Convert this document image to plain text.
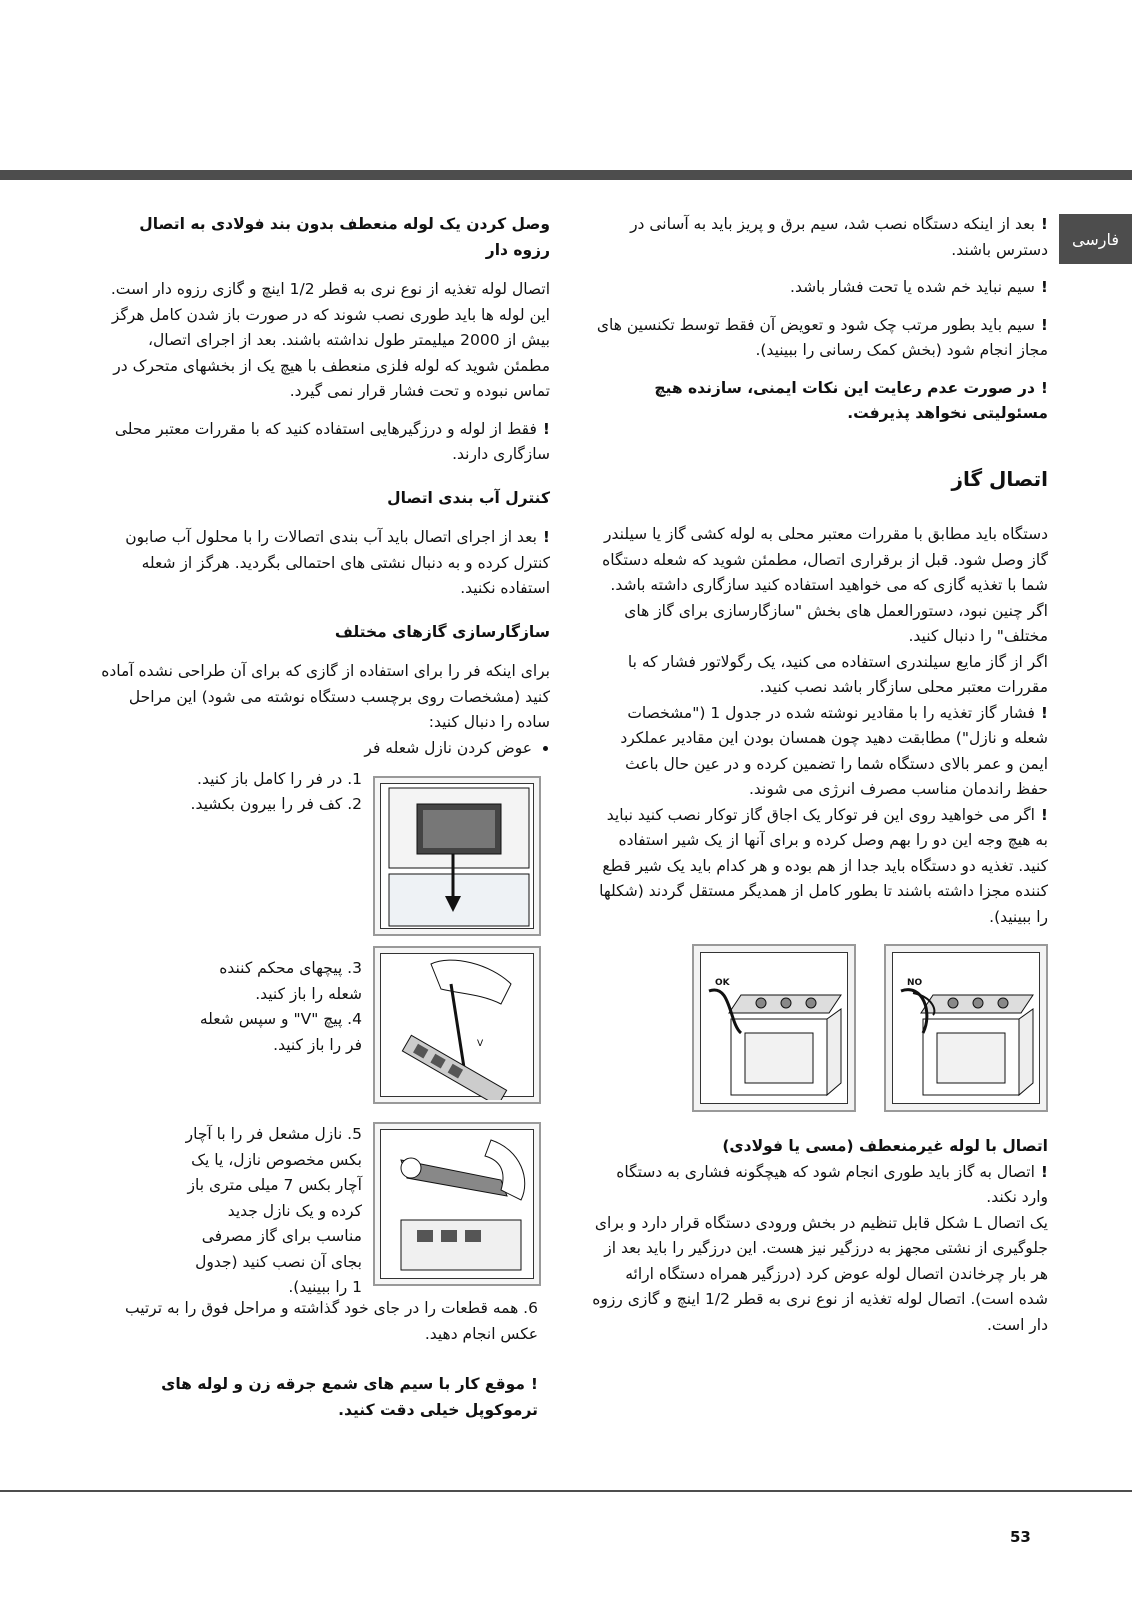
فارسی

!بعد از اینکه دستگاه نصب شد، سیم برق و پریز باید به آسانی در دسترس باشند.

!سیم نباید خم شده یا تحت فشار باشد.

!سیم باید بطور مرتب چک شود و تعویض آن فقط توسط تکنسین های مجاز انجام شود (بخش کمک رسانی را ببینید).

!در صورت عدم رعایت این نکات ایمنی، سازنده هیچ مسئولیتی نخواهد پذیرفت.

اتصال گاز
دستگاه باید مطابق با مقررات معتبر محلی به لوله کشی گاز یا سیلندر گاز وصل شود. قبل از برقراری اتصال، مطمئن شوید که شعله دستگاه شما با تغذیه گازی که می خواهید استفاده کنید سازگاری داشته باشد. اگر چنین نبود، دستورالعمل های بخش "سازگارسازی برای گاز های مختلف" را دنبال کنید.
اگر از گاز مایع سیلندری استفاده می کنید، یک رگولاتور فشار که با مقررات معتبر محلی سازگار باشد نصب کنید.
!فشار گاز تغذیه را با مقادیر نوشته شده در جدول 1 ("مشخصات شعله و نازل") مطابقت دهید چون همسان بودن این مقادیر عملکرد ایمن و عمر بالای دستگاه شما را تضمین کرده و در عین حال باعث حفظ راندمان مناسب مصرف انرژی می شوند.
!اگر می خواهید روی این فر توکار یک اجاق گاز توکار نصب کنید نباید به هیچ وجه این دو را بهم وصل کرده و برای آنها از یک شیر استفاده کنید. تغذیه دو دستگاه باید جدا از هم بوده و هر کدام باید یک شیر قطع کننده مجزا داشته باشند تا بطور کامل از همدیگر مستقل گردند (شکلها را ببینید).
OK	NO
اتصال با لوله غیرمنعطف (مسی یا فولادی)
!اتصال به گاز باید طوری انجام شود که هیچگونه فشاری به دستگاه وارد نکند.
یک اتصال L شکل قابل تنظیم در بخش ورودی دستگاه قرار دارد و برای جلوگیری از نشتی مجهز به درزگیر نیز هست. این درزگیر را باید بعد از هر بار چرخاندن اتصال لوله عوض کرد (درزگیر همراه دستگاه ارائه شده است). اتصال لوله تغذیه از نوع نری به قطر 1/2 اینچ و گازی رزوه دار است.
وصل کردن یک لوله منعطف بدون بند فولادی به اتصال رزوه دار
اتصال لوله تغذیه از نوع نری به قطر 1/2 اینچ و گازی رزوه دار است.
این لوله ها باید طوری نصب شوند که در صورت باز شدن کامل هرگز بیش از 2000 میلیمتر طول نداشته باشند. بعد از اجرای اتصال، مطمئن شوید که لوله فلزی منعطف با هیچ یک از بخشهای متحرک در تماس نبوده و تحت فشار قرار نمی گیرد.

!فقط از لوله و درزگیرهایی استفاده کنید که با مقررات معتبر محلی سازگاری دارند.

کنترل آب بندی اتصال

!بعد از اجرای اتصال باید آب بندی اتصالات را با محلول آب صابون کنترل کرده و به دنبال نشتی های احتمالی بگردید. هرگز از شعله استفاده نکنید.

سازگارسازی گازهای مختلف
برای اینکه فر را برای استفاده از گازی که برای آن طراحی نشده آماده کنید (مشخصات روی برچسب دستگاه نوشته می شود) این مراحل ساده را دنبال کنید:
• عوض کردن نازل شعله فر
1. در فر را کامل باز کنید.
2. کف فر را بیرون بکشید.
V
3. پیچهای محکم کننده شعله را باز کنید.
4. پیچ "V" و سپس شعله فر را باز کنید.
5. نازل مشعل فر را با آچار بکس مخصوص نازل، یا یک آچار بکس 7 میلی متری باز کرده و یک نازل جدید مناسب برای گاز مصرفی بجای آن نصب کنید (جدول 1 را ببینید).
6. همه قطعات را در جای خود گذاشته و مراحل فوق را به ترتیب عکس انجام دهید.
!موقع کار با سیم های شمع جرقه زن و لوله های ترموکوپل خیلی دقت کنید.
53
